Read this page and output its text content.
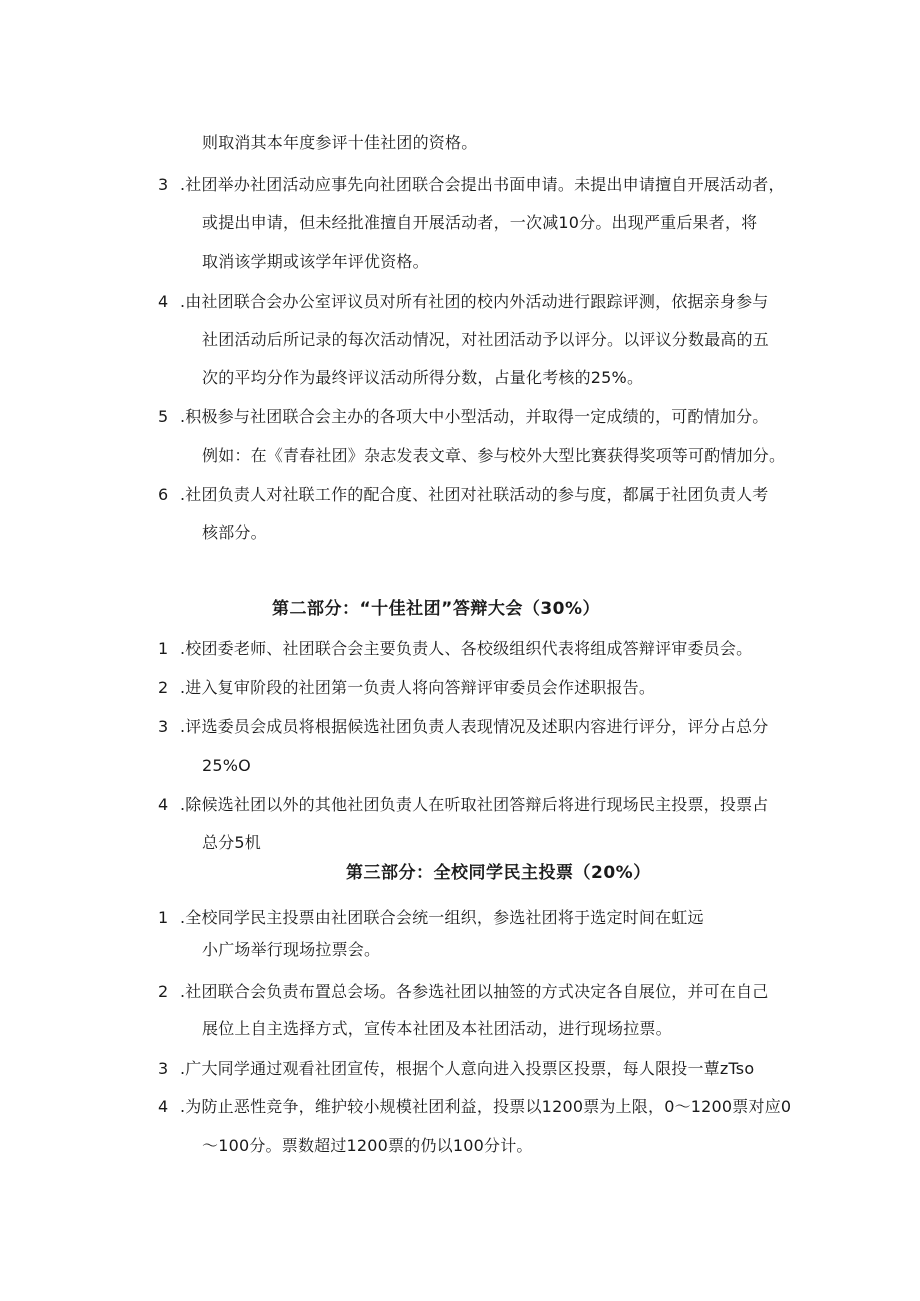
则取消其本年度参评十佳社团的资格。
3 .社团举办社团活动应事先向社团联合会提出书面申请。未提出申请擅自开展活动者，
或提出申请，但未经批准擅自开展活动者，一次减10分。出现严重后果者，将
取消该学期或该学年评优资格。
4 .由社团联合会办公室评议员对所有社团的校内外活动进行跟踪评测，依据亲身参与
社团活动后所记录的每次活动情况，对社团活动予以评分。以评议分数最高的五
次的平均分作为最终评议活动所得分数，占量化考核的25%。
5 .积极参与社团联合会主办的各项大中小型活动，并取得一定成绩的，可酌情加分。
例如：在《青春社团》杂志发表文章、参与校外大型比赛获得奖项等可酌情加分。
6 .社团负责人对社联工作的配合度、社团对社联活动的参与度，都属于社团负责人考
核部分。
第二部分：“十佳社团”答辩大会（30%）
1 .校团委老师、社团联合会主要负责人、各校级组织代表将组成答辩评审委员会。
2 .进入复审阶段的社团第一负责人将向答辩评审委员会作述职报告。
3 .评选委员会成员将根据候选社团负责人表现情况及述职内容进行评分，评分占总分
25%O
4 .除候选社团以外的其他社团负责人在听取社团答辩后将进行现场民主投票，投票占
总分5机
第三部分：全校同学民主投票（20%）
1 .全校同学民主投票由社团联合会统一组织，参选社团将于选定时间在虹远
小广场举行现场拉票会。
2 .社团联合会负责布置总会场。各参选社团以抽签的方式决定各自展位，并可在自己
展位上自主选择方式，宣传本社团及本社团活动，进行现场拉票。
3 .广大同学通过观看社团宣传，根据个人意向进入投票区投票，每人限投一蕈zTso
4 .为防止恶性竞争，维护较小规模社团利益，投票以1200票为上限，0～1200票对应0
～100分。票数超过1200票的仍以100分计。
